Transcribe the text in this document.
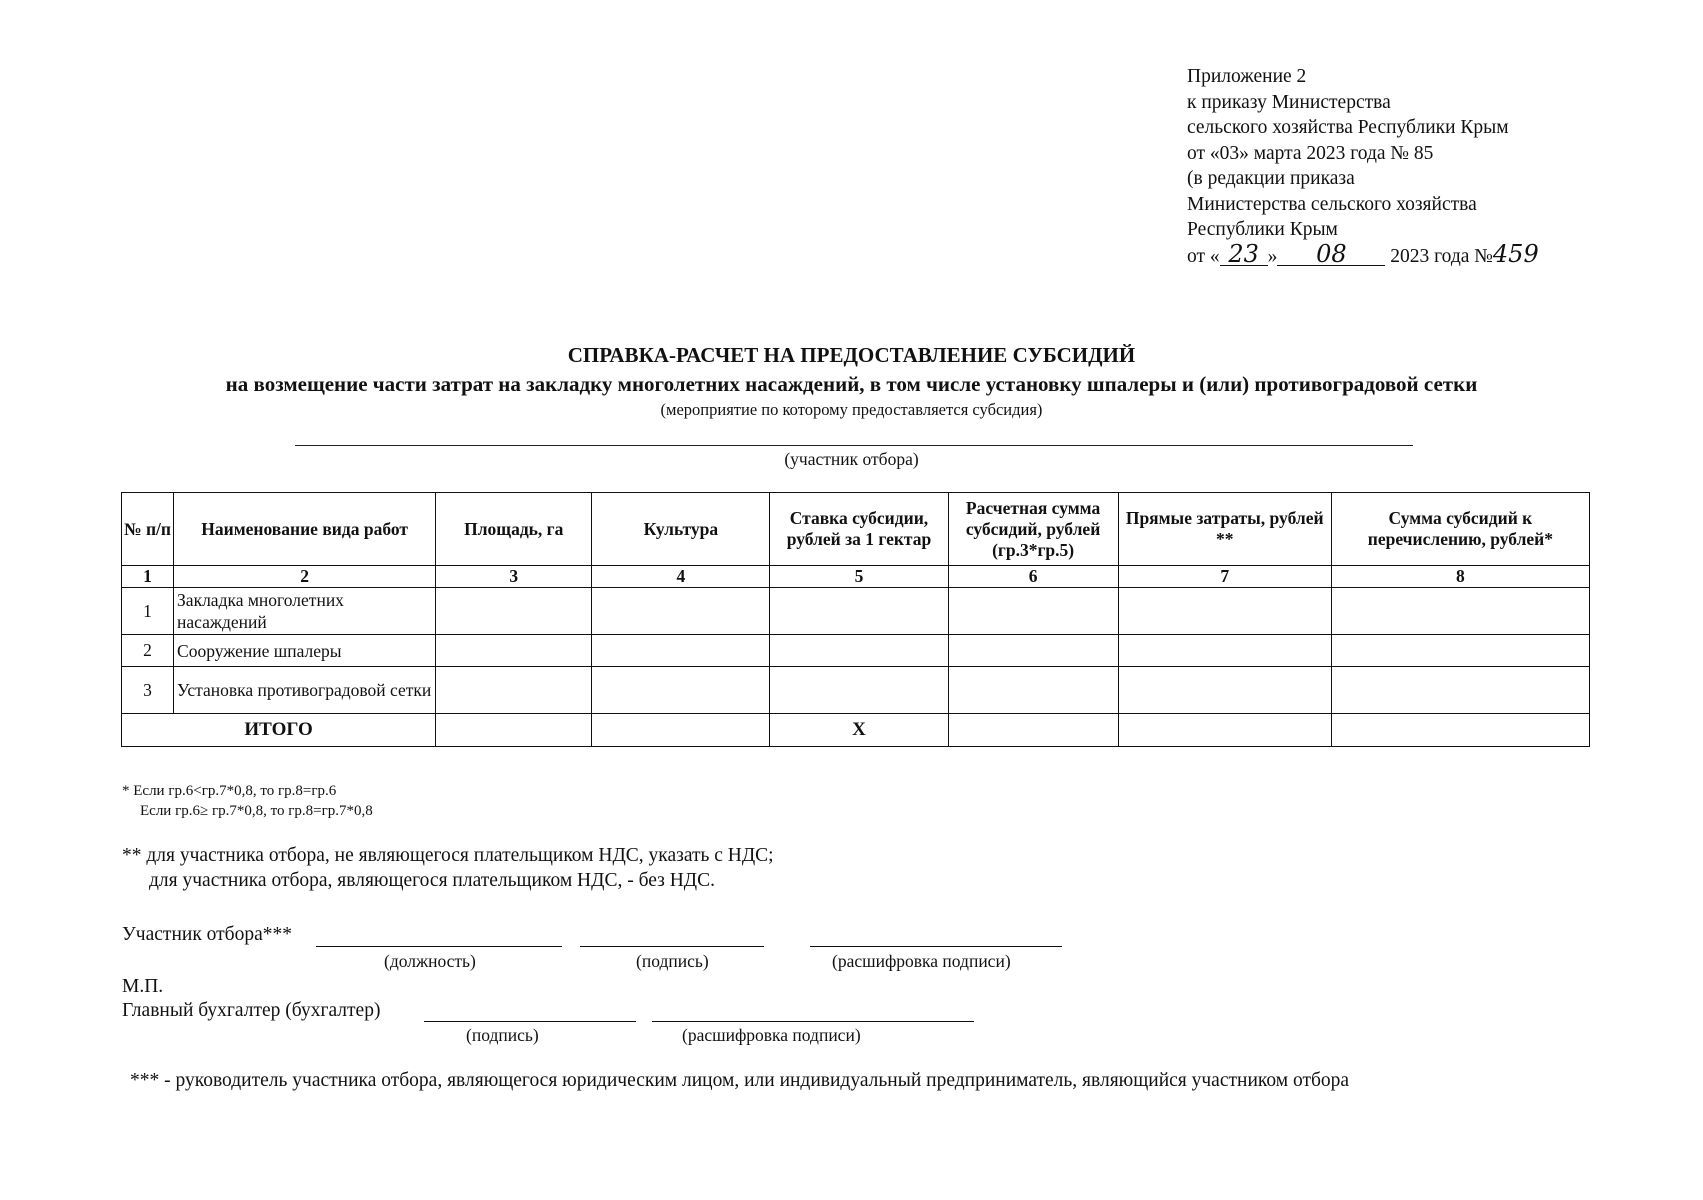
Приложение 2
к приказу Министерства
сельского хозяйства Республики Крым
от «03» марта 2023 года № 85
(в редакции приказа
Министерства сельского хозяйства
Республики Крым
от « 23 » 08 2023 года №459
СПРАВКА-РАСЧЕТ НА ПРЕДОСТАВЛЕНИЕ СУБСИДИЙ
на возмещение части затрат на закладку многолетних насаждений, в том числе установку шпалеры и (или) противоградовой сетки
(мероприятие по которому предоставляется субсидия)
(участник отбора)
№ п/п	Наименование вида работ	Площадь, га	Культура	Ставка субсидии, рублей за 1 гектар	Расчетная сумма субсидий, рублей (гр.3*гр.5)	Прямые затраты, рублей **	Сумма субсидий к перечислению, рублей*
1	2	3	4	5	6	7	8
1	Закладка многолетних насаждений						
2	Сооружение шпалеры						
3	Установка противоградовой сетки						
ИТОГО				Х			
* Если гр.6<гр.7*0,8, то гр.8=гр.6
Если гр.6≥ гр.7*0,8, то гр.8=гр.7*0,8
** для участника отбора, не являющегося плательщиком НДС, указать с НДС;
для участника отбора, являющегося плательщиком НДС, - без НДС.
Участник отбора***
(должность)	(подпись)	(расшифровка подписи)
М.П.
Главный бухгалтер (бухгалтер)
(подпись)	(расшифровка подписи)
*** - руководитель участника отбора, являющегося юридическим лицом, или индивидуальный предприниматель, являющийся участником отбора
